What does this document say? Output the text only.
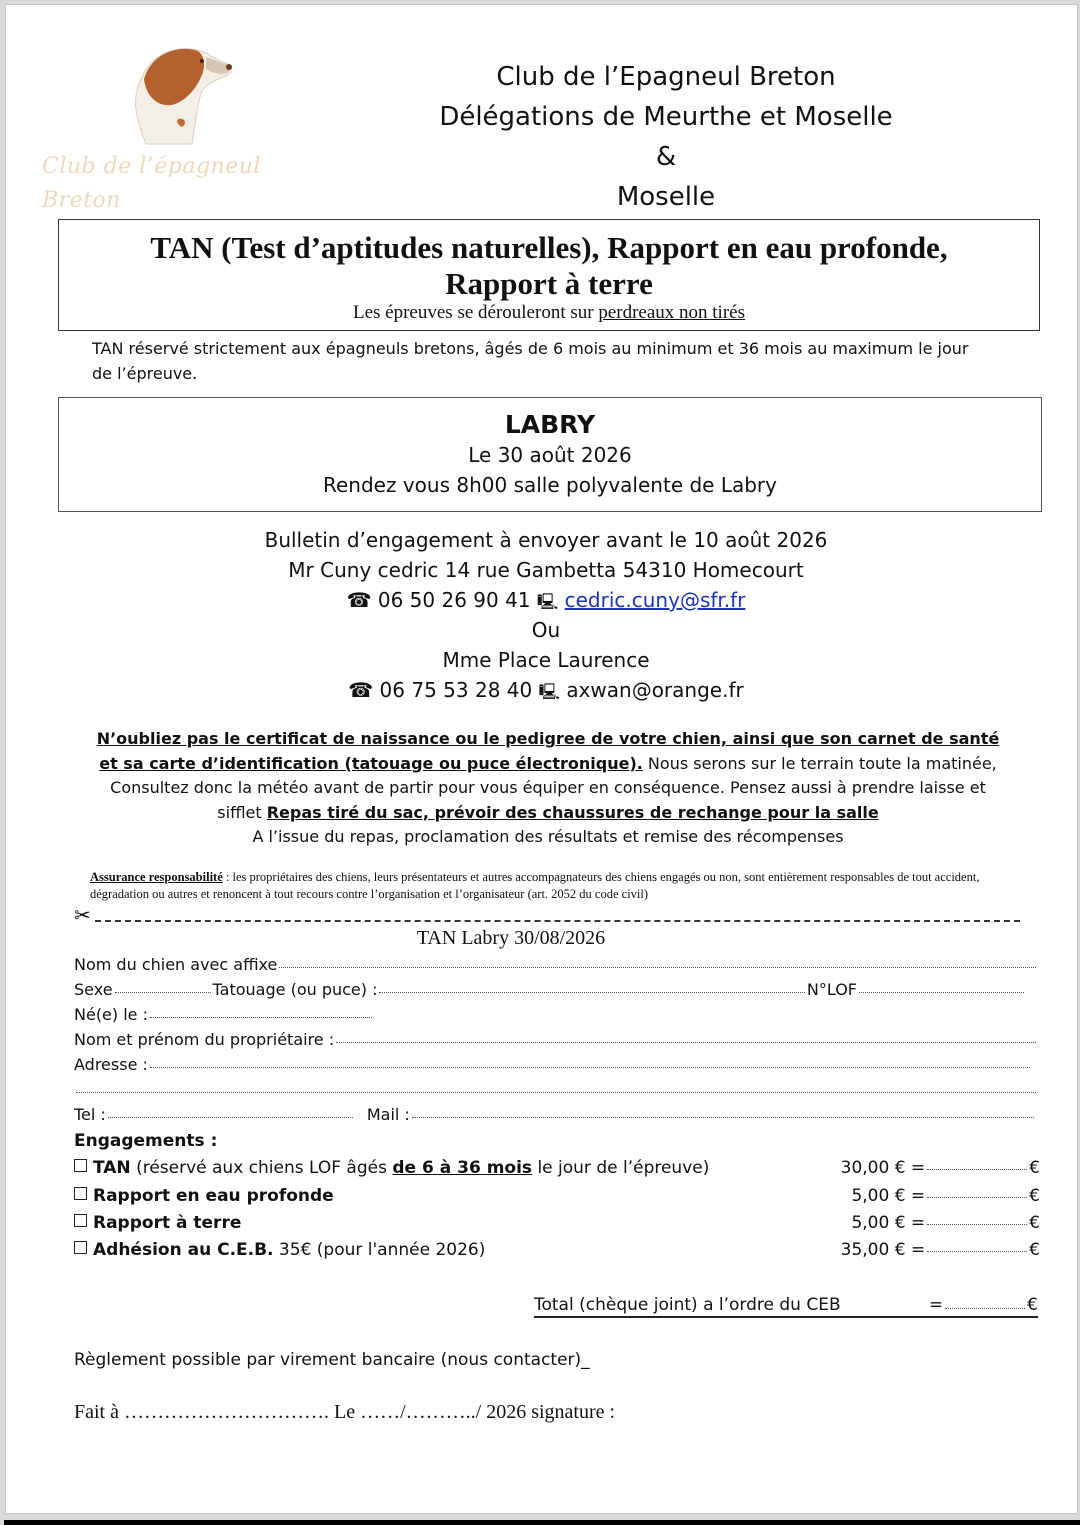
Club de l’épagneul
Breton
Club de l’Epagneul Breton
Délégations de Meurthe et Moselle
&
Moselle
TAN (Test d’aptitudes naturelles), Rapport en eau profonde,
Rapport à terre
Les épreuves se dérouleront sur perdreaux non tirés
TAN réservé strictement aux épagneuls bretons, âgés de 6 mois au minimum et 36 mois au maximum le jour de l’épreuve.
LABRY
Le 30 août 2026
Rendez vous 8h00 salle polyvalente de Labry
Bulletin d’engagement à envoyer avant le 10 août 2026
Mr Cuny cedric 14 rue Gambetta 54310 Homecourt
☎ 06 50 26 90 41 🖳 cedric.cuny@sfr.fr
Ou
Mme Place Laurence
☎ 06 75 53 28 40 🖳 axwan@orange.fr
N’oubliez pas le certificat de naissance ou le pedigree de votre chien, ainsi que son carnet de santé et sa carte d’identification (tatouage ou puce électronique). Nous serons sur le terrain toute la matinée, Consultez donc la météo avant de partir pour vous équiper en conséquence. Pensez aussi à prendre laisse et sifflet Repas tiré du sac, prévoir des chaussures de rechange pour la salle
A l’issue du repas, proclamation des résultats et remise des récompenses
Assurance responsabilité : les propriétaires des chiens, leurs présentateurs et autres accompagnateurs des chiens engagés ou non, sont entièrement responsables de tout accident, dégradation ou autres et renoncent à tout recours contre l’organisation et l’organisateur (art. 2052 du code civil)
✂
TAN Labry 30/08/2026
Nom du chien avec affixe
Sexe	Tatouage (ou puce) :	N°LOF
Né(e) le :
Nom et prénom du propriétaire :
Adresse :
Tel :	Mail :
Engagements :
TAN (réservé aux chiens LOF âgés de 6 à 36 mois le jour de l’épreuve)	30,00 € =	€
Rapport en eau profonde	5,00 € =	€
Rapport à terre	5,00 € =	€
Adhésion au C.E.B. 35€ (pour l'année 2026)	35,00 € =	€
Total (chèque joint) a l’ordre du CEB	=	€
Règlement possible par virement bancaire (nous contacter)_
Fait à …………………………. Le ……/………../ 2026 signature :
